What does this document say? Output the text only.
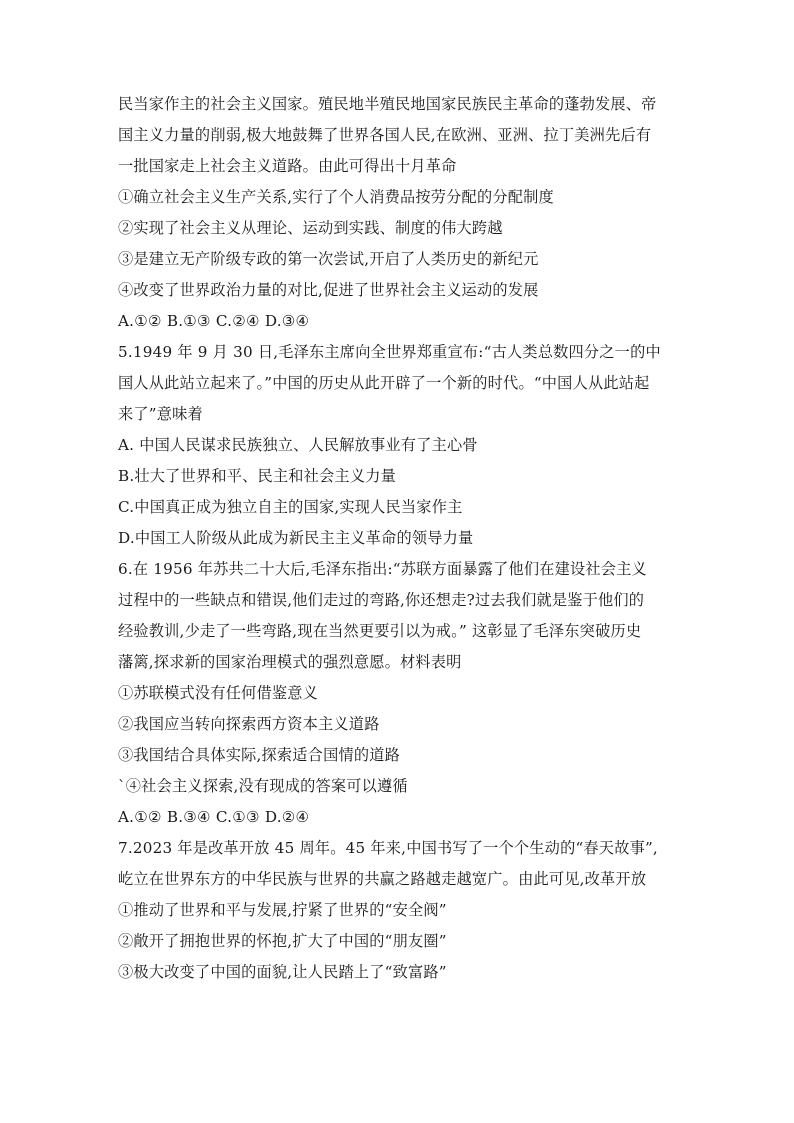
民当家作主的社会主义国家。殖民地半殖民地国家民族民主革命的蓬勃发展、帝
国主义力量的削弱,极大地鼓舞了世界各国人民,在欧洲、亚洲、拉丁美洲先后有
一批国家走上社会主义道路。由此可得出十月革命
①确立社会主义生产关系,实行了个人消费品按劳分配的分配制度
②实现了社会主义从理论、运动到实践、制度的伟大跨越
③是建立无产阶级专政的第一次尝试,开启了人类历史的新纪元
④改变了世界政治力量的对比,促进了世界社会主义运动的发展
A.①② B.①③ C.②④ D.③④
5.1949 年 9 月 30 日,毛泽东主席向全世界郑重宣布:“古人类总数四分之一的中
国人从此站立起来了。”中国的历史从此开辟了一个新的时代。“中国人从此站起
来了”意味着
A. 中国人民谋求民族独立、人民解放事业有了主心骨
B.壮大了世界和平、民主和社会主义力量
C.中国真正成为独立自主的国家,实现人民当家作主
D.中国工人阶级从此成为新民主主义革命的领导力量
6.在 1956 年苏共二十大后,毛泽东指出:“苏联方面暴露了他们在建设社会主义
过程中的一些缺点和错误,他们走过的弯路,你还想走?过去我们就是鉴于他们的
经验教训,少走了一些弯路,现在当然更要引以为戒。” 这彰显了毛泽东突破历史
藩篱,探求新的国家治理模式的强烈意愿。材料表明
①苏联模式没有任何借鉴意义
②我国应当转向探索西方资本主义道路
③我国结合具体实际,探索适合国情的道路
`④社会主义探索,没有现成的答案可以遵循
A.①② B.③④ C.①③ D.②④
7.2023 年是改革开放 45 周年。45 年来,中国书写了一个个生动的“春天故事”,
屹立在世界东方的中华民族与世界的共赢之路越走越宽广。由此可见,改革开放
①推动了世界和平与发展,拧紧了世界的“安全阀”
②敞开了拥抱世界的怀抱,扩大了中国的“朋友圈”
③极大改变了中国的面貌,让人民踏上了“致富路”
